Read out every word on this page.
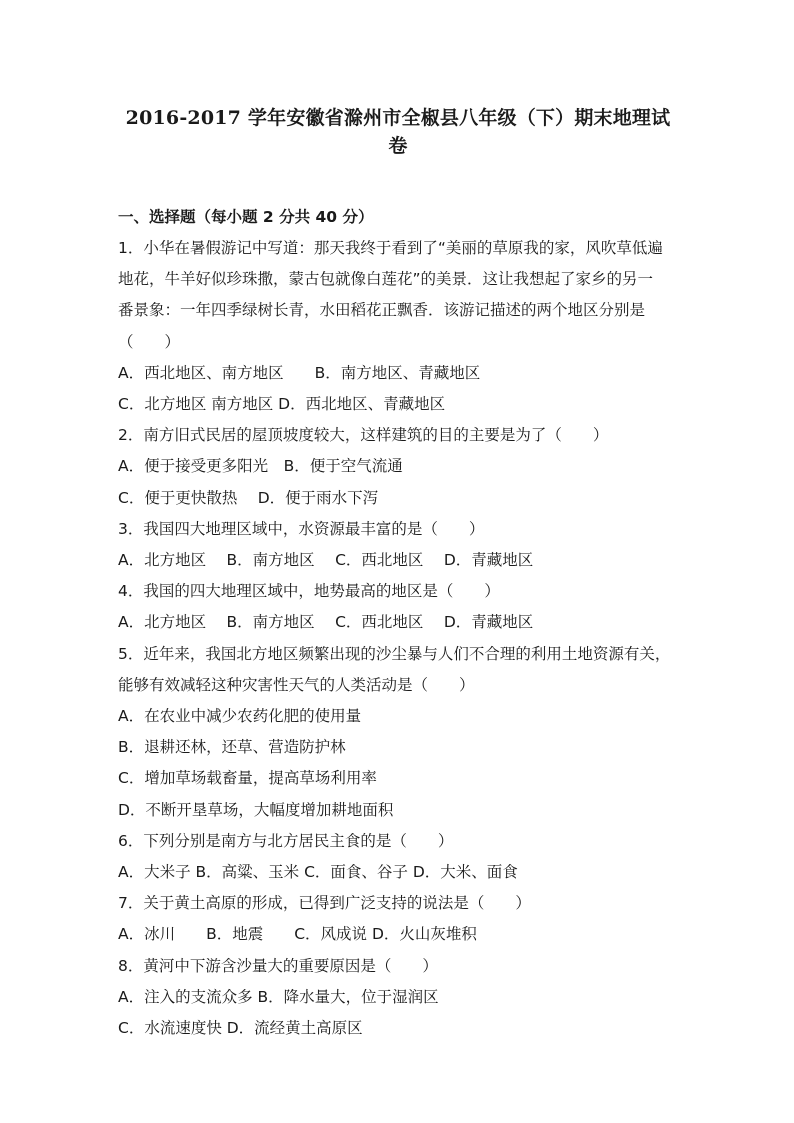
2016-2017 学年安徽省滁州市全椒县八年级（下）期末地理试卷
一、选择题（每小题 2 分共 40 分）
1．小华在暑假游记中写道：那天我终于看到了“美丽的草原我的家，风吹草低遍
地花，牛羊好似珍珠撒，蒙古包就像白莲花”的美景．这让我想起了家乡的另一
番景象：一年四季绿树长青，水田稻花正飘香．该游记描述的两个地区分别是
（　　）
A．西北地区、南方地区　　B．南方地区、青藏地区
C．北方地区 南方地区 D．西北地区、青藏地区
2．南方旧式民居的屋顶坡度较大，这样建筑的目的主要是为了（　　）
A．便于接受更多阳光　B．便于空气流通
C．便于更快散热　 D．便于雨水下泻
3．我国四大地理区域中，水资源最丰富的是（　　）
A．北方地区　 B．南方地区　 C．西北地区　 D．青藏地区
4．我国的四大地理区域中，地势最高的地区是（　　）
A．北方地区　 B．南方地区　 C．西北地区　 D．青藏地区
5．近年来，我国北方地区频繁出现的沙尘暴与人们不合理的利用土地资源有关，
能够有效减轻这种灾害性天气的人类活动是（　　）
A．在农业中减少农药化肥的使用量
B．退耕还林，还草、营造防护林
C．增加草场载畜量，提高草场利用率
D．不断开垦草场，大幅度增加耕地面积
6．下列分别是南方与北方居民主食的是（　　）
A．大米子 B．高粱、玉米 C．面食、谷子 D．大米、面食
7．关于黄土高原的形成，已得到广泛支持的说法是（　　）
A．冰川　　B．地震　　C．风成说 D．火山灰堆积
8．黄河中下游含沙量大的重要原因是（　　）
A．注入的支流众多 B．降水量大，位于湿润区
C．水流速度快 D．流经黄土高原区
